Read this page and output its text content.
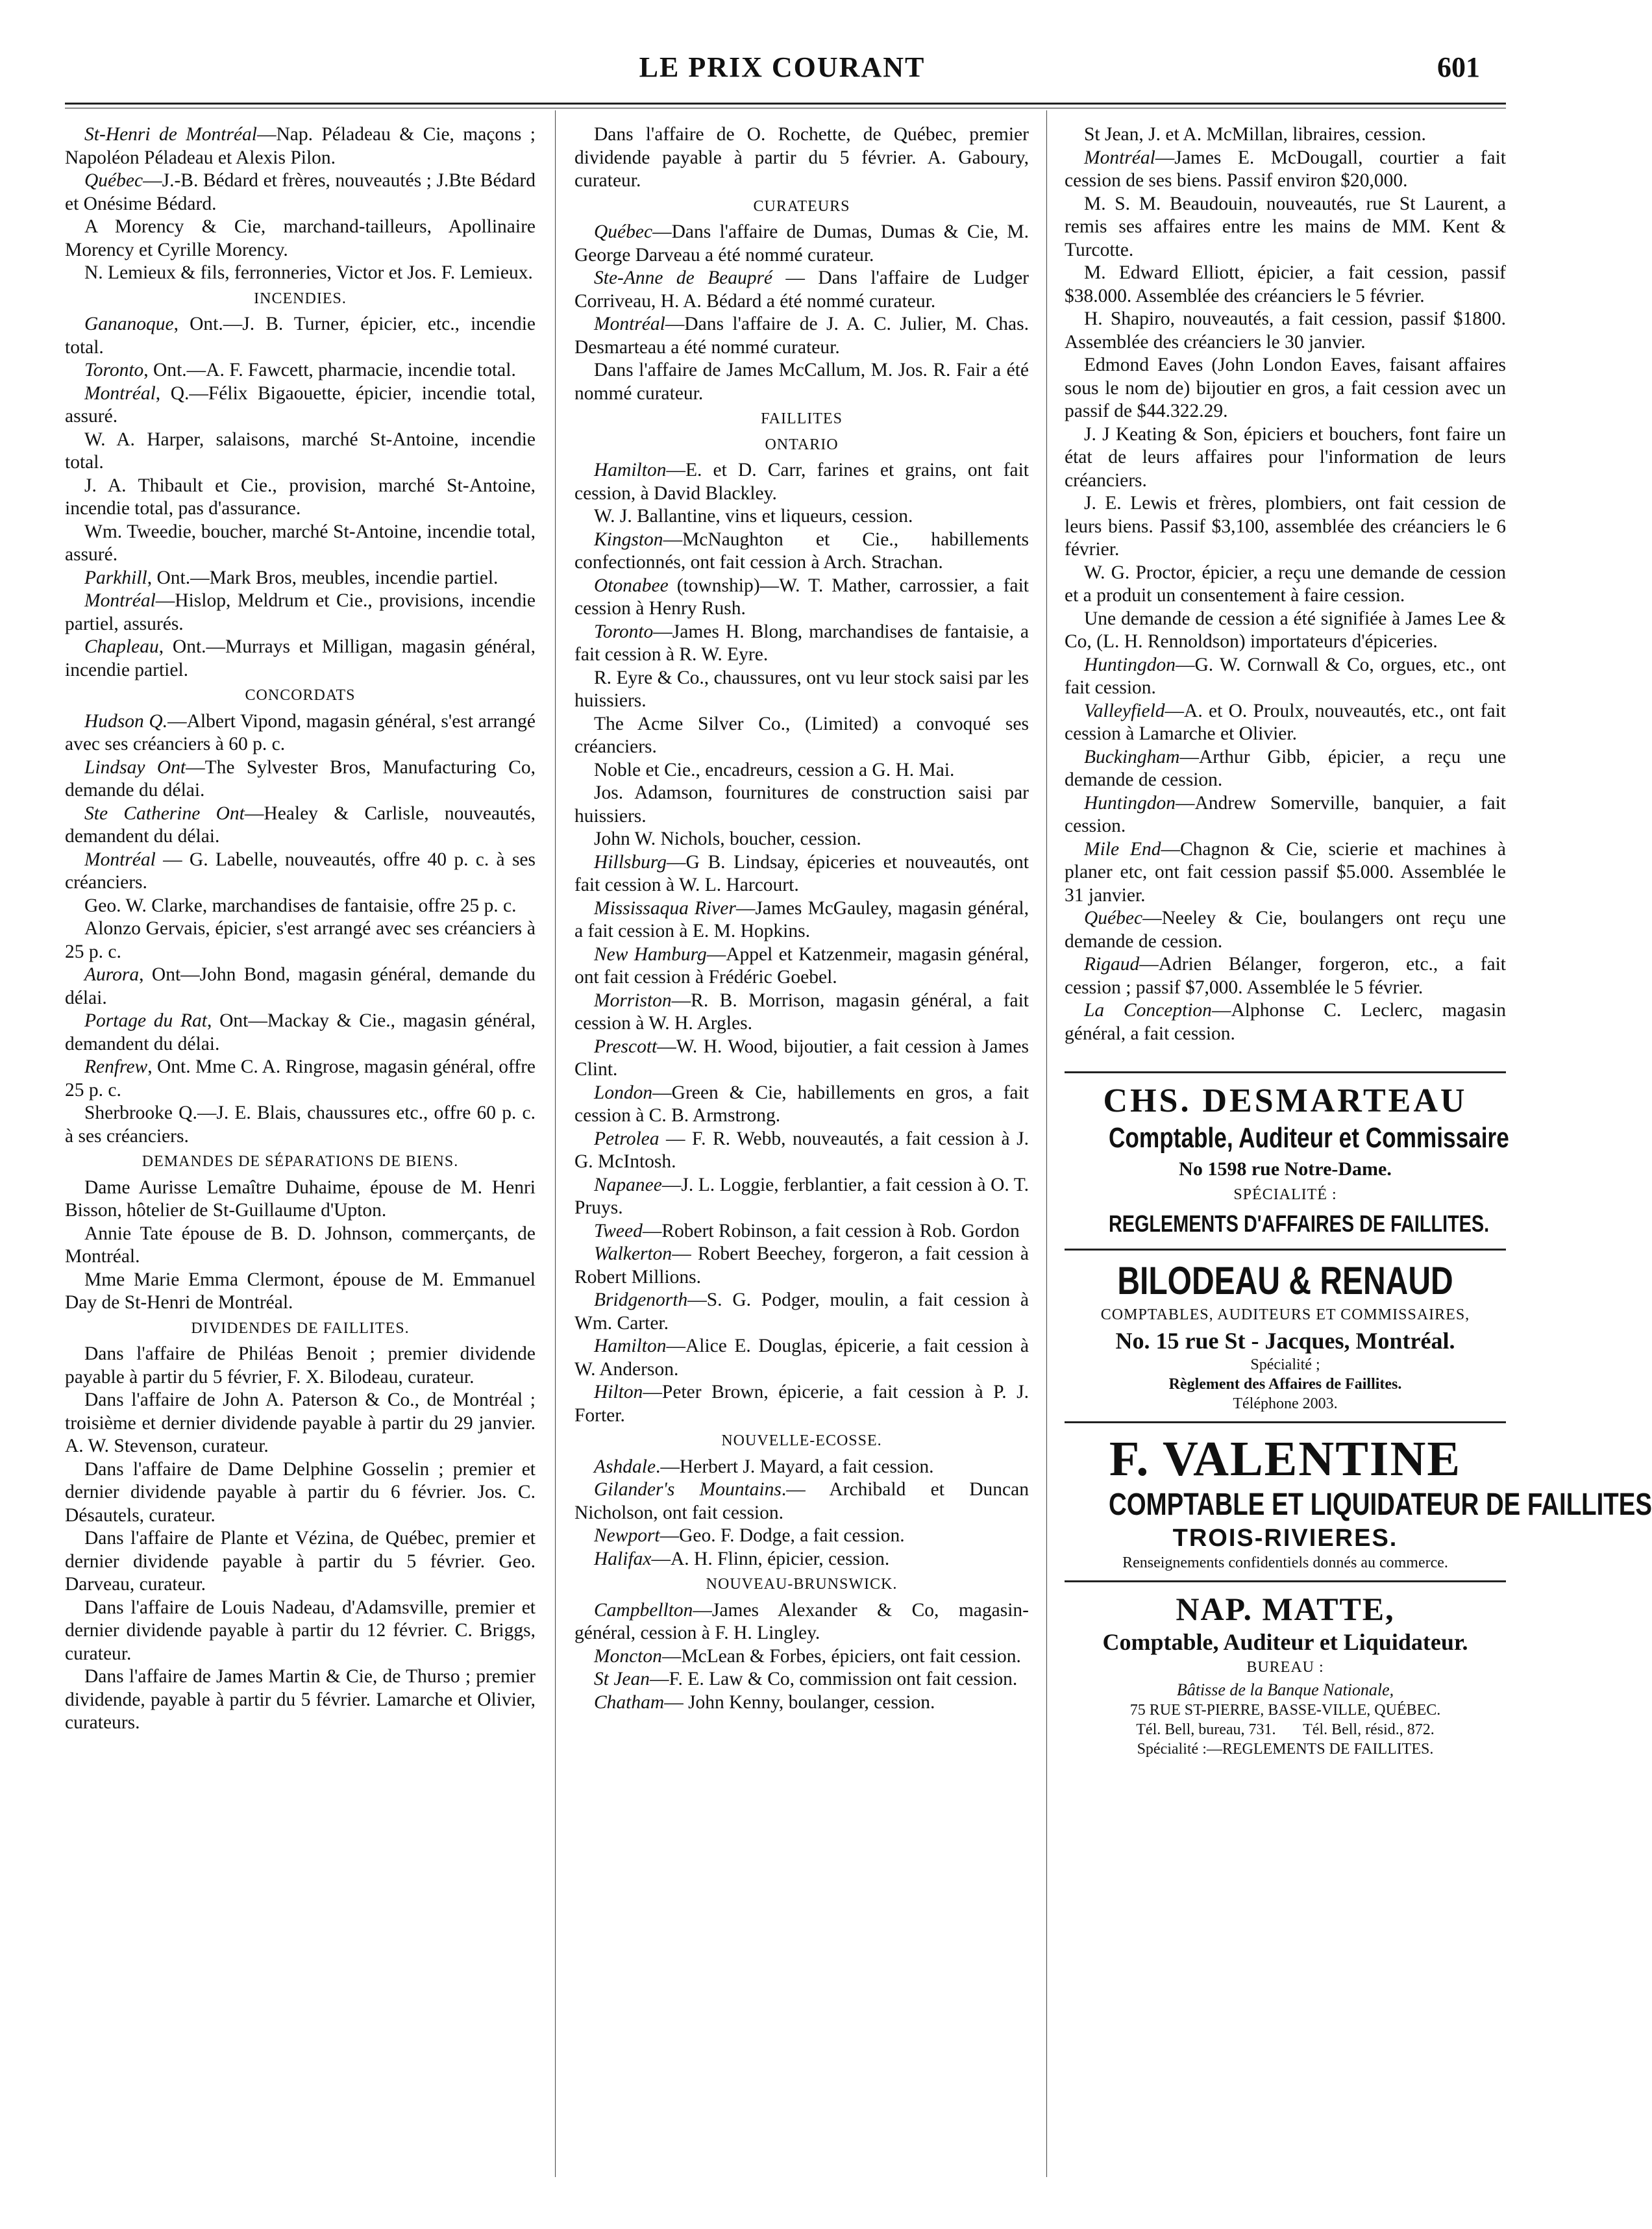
LE PRIX COURANT	601

St-Henri de Montréal—Nap. Péladeau & Cie, maçons ; Napoléon Péladeau et Alexis Pilon.

Québec—J.-B. Bédard et frères, nouveautés ; J.Bte Bédard et Onésime Bédard.

A Morency & Cie, marchand-tailleurs, Apollinaire Morency et Cyrille Morency.

N. Lemieux & fils, ferronneries, Victor et Jos. F. Lemieux.

INCENDIES.

Gananoque, Ont.—J. B. Turner, épicier, etc., incendie total.

Toronto, Ont.—A. F. Fawcett, pharmacie, incendie total.

Montréal, Q.—Félix Bigaouette, épicier, incendie total, assuré.

W. A. Harper, salaisons, marché St-Antoine, incendie total.

J. A. Thibault et Cie., provision, marché St-Antoine, incendie total, pas d'assurance.

Wm. Tweedie, boucher, marché St-Antoine, incendie total, assuré.

Parkhill, Ont.—Mark Bros, meubles, incendie partiel.

Montréal—Hislop, Meldrum et Cie., provisions, incendie partiel, assurés.

Chapleau, Ont.—Murrays et Milligan, magasin général, incendie partiel.

CONCORDATS

Hudson Q.—Albert Vipond, magasin général, s'est arrangé avec ses créanciers à 60 p. c.

Lindsay Ont—The Sylvester Bros, Manufacturing Co, demande du délai.

Ste Catherine Ont—Healey & Carlisle, nouveautés, demandent du délai.

Montréal — G. Labelle, nouveautés, offre 40 p. c. à ses créanciers.

Geo. W. Clarke, marchandises de fantaisie, offre 25 p. c.

Alonzo Gervais, épicier, s'est arrangé avec ses créanciers à 25 p. c.

Aurora, Ont—John Bond, magasin général, demande du délai.

Portage du Rat, Ont—Mackay & Cie., magasin général, demandent du délai.

Renfrew, Ont. Mme C. A. Ringrose, magasin général, offre 25 p. c.

Sherbrooke Q.—J. E. Blais, chaussures etc., offre 60 p. c. à ses créanciers.

DEMANDES DE SÉPARATIONS DE BIENS.

Dame Aurisse Lemaître Duhaime, épouse de M. Henri Bisson, hôtelier de St-Guillaume d'Upton.

Annie Tate épouse de B. D. Johnson, commerçants, de Montréal.

Mme Marie Emma Clermont, épouse de M. Emmanuel Day de St-Henri de Montréal.

DIVIDENDES DE FAILLITES.

Dans l'affaire de Philéas Benoit ; premier dividende payable à partir du 5 février, F. X. Bilodeau, curateur.

Dans l'affaire de John A. Paterson & Co., de Montréal ; troisième et dernier dividende payable à partir du 29 janvier. A. W. Stevenson, curateur.

Dans l'affaire de Dame Delphine Gosselin ; premier et dernier dividende payable à partir du 6 février. Jos. C. Désautels, curateur.

Dans l'affaire de Plante et Vézina, de Québec, premier et dernier dividende payable à partir du 5 février. Geo. Darveau, curateur.

Dans l'affaire de Louis Nadeau, d'Adamsville, premier et dernier dividende payable à partir du 12 février. C. Briggs, curateur.

Dans l'affaire de James Martin & Cie, de Thurso ; premier dividende, payable à partir du 5 février. Lamarche et Olivier, curateurs.

Dans l'affaire de O. Rochette, de Québec, premier dividende payable à partir du 5 février. A. Gaboury, curateur.

CURATEURS

Québec—Dans l'affaire de Dumas, Dumas & Cie, M. George Darveau a été nommé curateur.

Ste-Anne de Beaupré — Dans l'affaire de Ludger Corriveau, H. A. Bédard a été nommé curateur.

Montréal—Dans l'affaire de J. A. C. Julier, M. Chas. Desmarteau a été nommé curateur.

Dans l'affaire de James McCallum, M. Jos. R. Fair a été nommé curateur.

FAILLITES

ONTARIO

Hamilton—E. et D. Carr, farines et grains, ont fait cession, à David Blackley.

W. J. Ballantine, vins et liqueurs, cession.

Kingston—McNaughton et Cie., habillements confectionnés, ont fait cession à Arch. Strachan.

Otonabee (township)—W. T. Mather, carrossier, a fait cession à Henry Rush.

Toronto—James H. Blong, marchandises de fantaisie, a fait cession à R. W. Eyre.

R. Eyre & Co., chaussures, ont vu leur stock saisi par les huissiers.

The Acme Silver Co., (Limited) a convoqué ses créanciers.

Noble et Cie., encadreurs, cession a G. H. Mai.

Jos. Adamson, fournitures de construction saisi par huissiers.

John W. Nichols, boucher, cession.

Hillsburg—G B. Lindsay, épiceries et nouveautés, ont fait cession à W. L. Harcourt.

Mississaqua River—James McGauley, magasin général, a fait cession à E. M. Hopkins.

New Hamburg—Appel et Katzenmeir, magasin général, ont fait cession à Frédéric Goebel.

Morriston—R. B. Morrison, magasin général, a fait cession à W. H. Argles.

Prescott—W. H. Wood, bijoutier, a fait cession à James Clint.

London—Green & Cie, habillements en gros, a fait cession à C. B. Armstrong.

Petrolea — F. R. Webb, nouveautés, a fait cession à J. G. McIntosh.

Napanee—J. L. Loggie, ferblantier, a fait cession à O. T. Pruys.

Tweed—Robert Robinson, a fait cession à Rob. Gordon

Walkerton— Robert Beechey, forgeron, a fait cession à Robert Millions.

Bridgenorth—S. G. Podger, moulin, a fait cession à Wm. Carter.

Hamilton—Alice E. Douglas, épicerie, a fait cession à W. Anderson.

Hilton—Peter Brown, épicerie, a fait cession à P. J. Forter.

NOUVELLE-ECOSSE.

Ashdale.—Herbert J. Mayard, a fait cession.

Gilander's Mountains.— Archibald et Duncan Nicholson, ont fait cession.

Newport—Geo. F. Dodge, a fait cession.

Halifax—A. H. Flinn, épicier, cession.

NOUVEAU-BRUNSWICK.

Campbellton—James Alexander & Co, magasin-général, cession à F. H. Lingley.

Moncton—McLean & Forbes, épiciers, ont fait cession.

St Jean—F. E. Law & Co, commission ont fait cession.

Chatham— John Kenny, boulanger, cession.

St Jean, J. et A. McMillan, libraires, cession.

Montréal—James E. McDougall, courtier a fait cession de ses biens. Passif environ $20,000.

M. S. M. Beaudouin, nouveautés, rue St Laurent, a remis ses affaires entre les mains de MM. Kent & Turcotte.

M. Edward Elliott, épicier, a fait cession, passif $38.000. Assemblée des créanciers le 5 février.

H. Shapiro, nouveautés, a fait cession, passif $1800. Assemblée des créanciers le 30 janvier.

Edmond Eaves (John London Eaves, faisant affaires sous le nom de) bijoutier en gros, a fait cession avec un passif de $44.322.29.

J. J Keating & Son, épiciers et bouchers, font faire un état de leurs affaires pour l'information de leurs créanciers.

J. E. Lewis et frères, plombiers, ont fait cession de leurs biens. Passif $3,100, assemblée des créanciers le 6 février.

W. G. Proctor, épicier, a reçu une demande de cession et a produit un consentement à faire cession.

Une demande de cession a été signifiée à James Lee & Co, (L. H. Rennoldson) importateurs d'épiceries.

Huntingdon—G. W. Cornwall & Co, orgues, etc., ont fait cession.

Valleyfield—A. et O. Proulx, nouveautés, etc., ont fait cession à Lamarche et Olivier.

Buckingham—Arthur Gibb, épicier, a reçu une demande de cession.

Huntingdon—Andrew Somerville, banquier, a fait cession.

Mile End—Chagnon & Cie, scierie et machines à planer etc, ont fait cession passif $5.000. Assemblée le 31 janvier.

Québec—Neeley & Cie, boulangers ont reçu une demande de cession.

Rigaud—Adrien Bélanger, forgeron, etc., a fait cession ; passif $7,000. Assemblée le 5 février.

La Conception—Alphonse C. Leclerc, magasin général, a fait cession.

CHS. DESMARTEAU
Comptable, Auditeur et Commissaire
No 1598 rue Notre-Dame.
SPÉCIALITÉ :
REGLEMENTS D'AFFAIRES DE FAILLITES.
BILODEAU & RENAUD
COMPTABLES, AUDITEURS ET COMMISSAIRES,
No. 15 rue St - Jacques, Montréal.
Spécialité ;
Règlement des Affaires de Faillites.
Téléphone 2003.
F. VALENTINE
COMPTABLE ET LIQUIDATEUR DE FAILLITES
TROIS-RIVIERES.
Renseignements confidentiels donnés au commerce.
NAP. MATTE,
Comptable, Auditeur et Liquidateur.
BUREAU :
Bâtisse de la Banque Nationale,
75 RUE ST-PIERRE, BASSE-VILLE, QUÉBEC.
Tél. Bell, bureau, 731.       Tél. Bell, résid., 872.
Spécialité :—REGLEMENTS DE FAILLITES.
